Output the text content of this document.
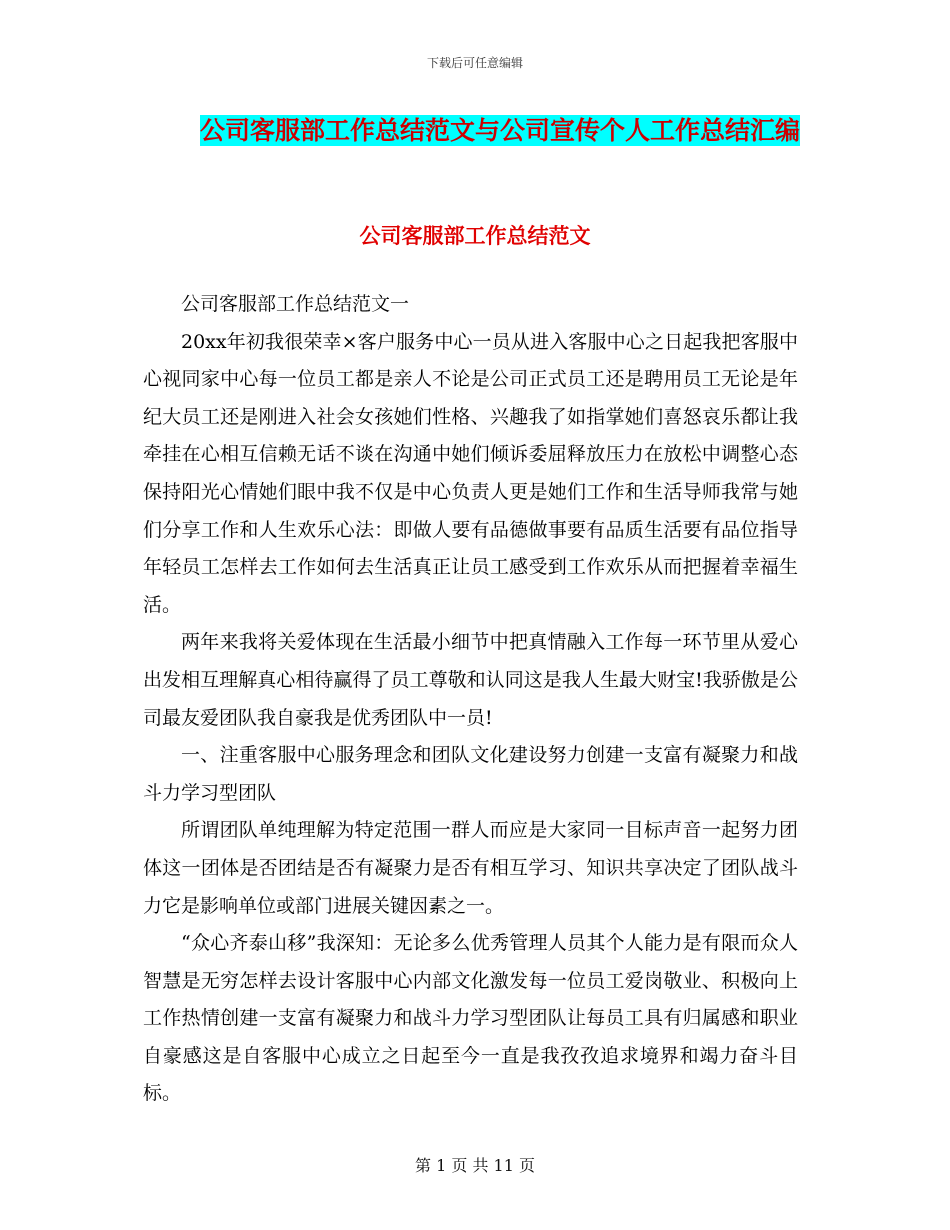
下载后可任意编辑
公司客服部工作总结范文与公司宣传个人工作总结汇编
公司客服部工作总结范文

公司客服部工作总结范文一

20xx年初我很荣幸×客户服务中心一员从进入客服中心之日起我把客服中心视同家中心每一位员工都是亲人不论是公司正式员工还是聘用员工无论是年纪大员工还是刚进入社会女孩她们性格、兴趣我了如指掌她们喜怒哀乐都让我牵挂在心相互信赖无话不谈在沟通中她们倾诉委屈释放压力在放松中调整心态保持阳光心情她们眼中我不仅是中心负责人更是她们工作和生活导师我常与她们分享工作和人生欢乐心法：即做人要有品德做事要有品质生活要有品位指导年轻员工怎样去工作如何去生活真正让员工感受到工作欢乐从而把握着幸福生活。

两年来我将关爱体现在生活最小细节中把真情融入工作每一环节里从爱心出发相互理解真心相待赢得了员工尊敬和认同这是我人生最大财宝!我骄傲是公司最友爱团队我自豪我是优秀团队中一员!

一、注重客服中心服务理念和团队文化建设努力创建一支富有凝聚力和战斗力学习型团队

所谓团队单纯理解为特定范围一群人而应是大家同一目标声音一起努力团体这一团体是否团结是否有凝聚力是否有相互学习、知识共享决定了团队战斗力它是影响单位或部门进展关键因素之一。

“众心齐泰山移”我深知：无论多么优秀管理人员其个人能力是有限而众人智慧是无穷怎样去设计客服中心内部文化激发每一位员工爱岗敬业、积极向上工作热情创建一支富有凝聚力和战斗力学习型团队让每员工具有归属感和职业自豪感这是自客服中心成立之日起至今一直是我孜孜追求境界和竭力奋斗目标。

第 1 页 共 11 页
